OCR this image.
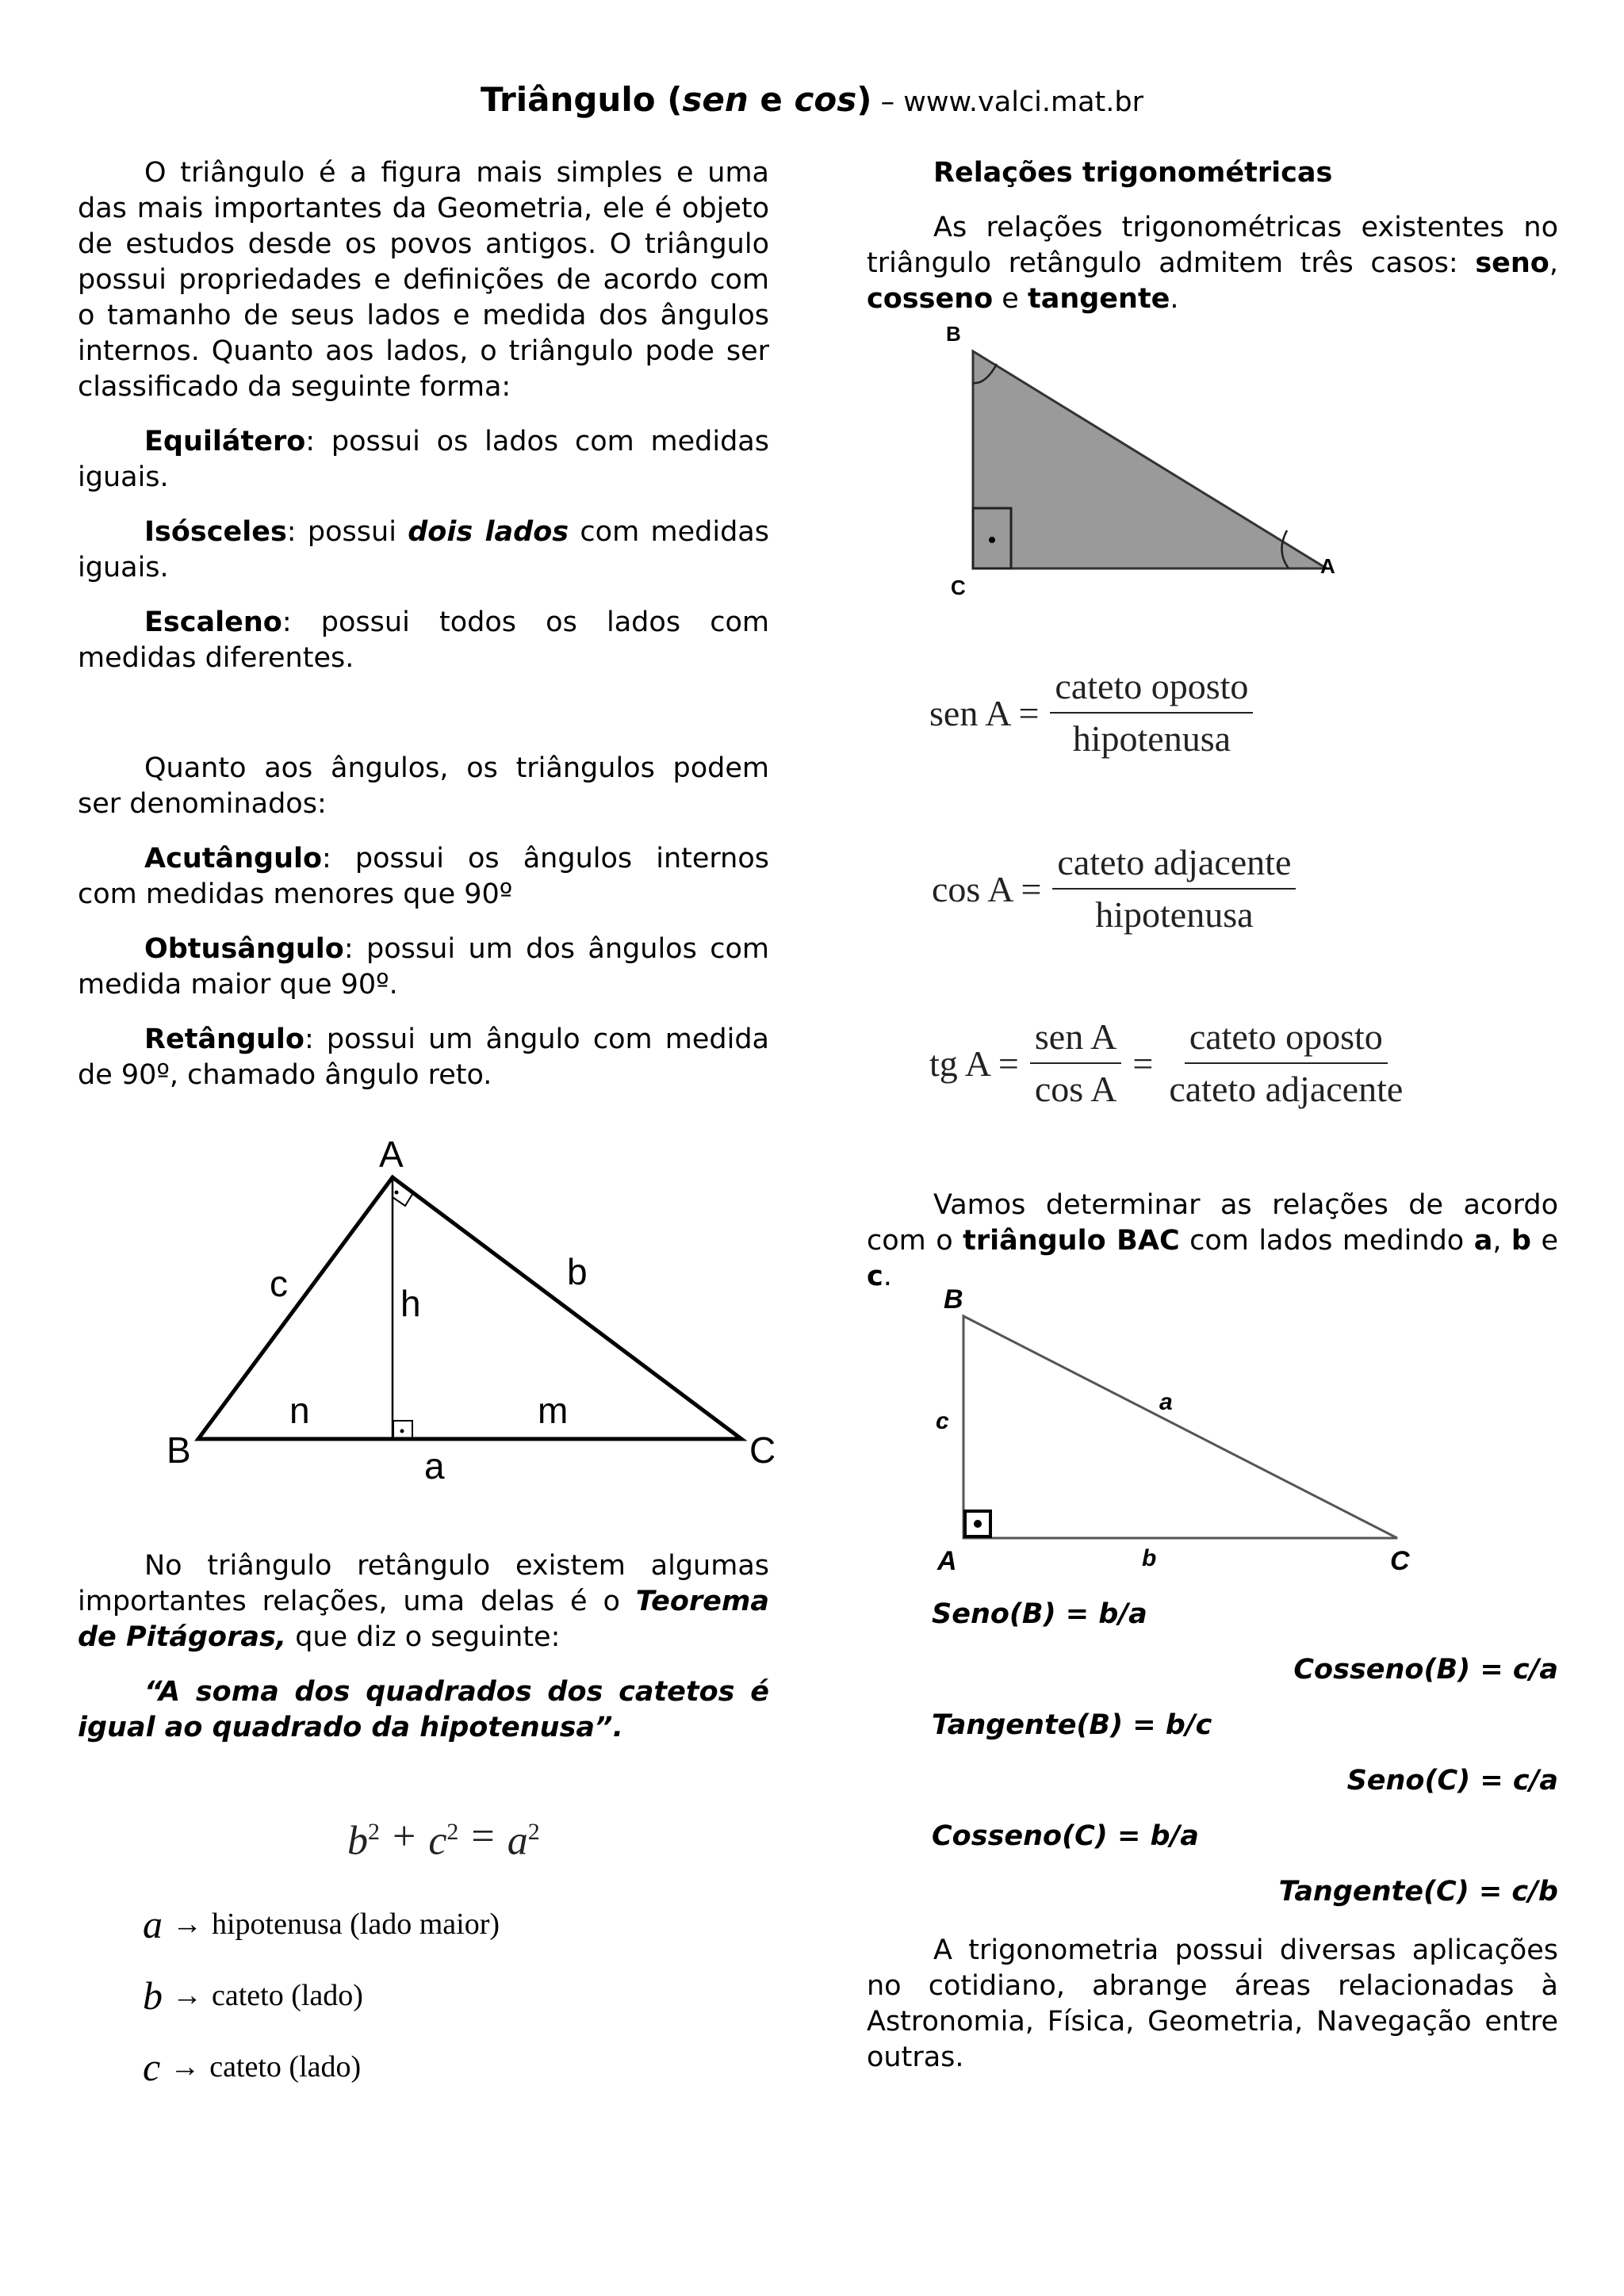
Triângulo (sen e cos) – www.valci.mat.br

O triângulo é a figura mais simples e uma das mais importantes da Geometria, ele é objeto de estudos desde os povos antigos. O triângulo possui propriedades e definições de acordo com o tamanho de seus lados e medida dos ângulos internos. Quanto aos lados, o triângulo pode ser classificado da seguinte forma:

Equilátero: possui os lados com medidas iguais.

Isósceles: possui dois lados com medidas iguais.

Escaleno: possui todos os lados com medidas diferentes.

Quanto aos ângulos, os triângulos podem ser denominados:

Acutângulo: possui os ângulos internos com medidas menores que 90º

Obtusângulo: possui um dos ângulos com medida maior que 90º.

Retângulo: possui um ângulo com medida de 90º, chamado ângulo reto.

A
B	C
c	b
h
n	m
a

No triângulo retângulo existem algumas importantes relações, uma delas é o Teorema de Pitágoras, que diz o seguinte:

“A soma dos quadrados dos catetos é igual ao quadrado da hipotenusa”.

$b^2 + c^2 = a^2$
a → hipotenusa (lado maior)
b → cateto (lado)
c → cateto (lado)

Relações trigonométricas

As relações trigonométricas existentes no triângulo retângulo admitem três casos: seno, cosseno e tangente.

B
C
A
sen $A = \frac{\text{cateto oposto}}{\text{hipotenusa}}$
$\cos A = \frac{\text{cateto adjacente}}{\text{hipotenusa}}$
tg $A = \frac{\text{sen A}}{\text{cos A}} = \frac{\text{cateto oposto}}{\text{cateto adjacente}}$

Vamos determinar as relações de acordo com o triângulo BAC com lados medindo a, b e c.

B
A	C
c
a
b
Seno(B) = b/a
Cosseno(B) = c/a
Tangente(B) = b/c
Seno(C) = c/a
Cosseno(C) = b/a
Tangente(C) = c/b

A trigonometria possui diversas aplicações no cotidiano, abrange áreas relacionadas à Astronomia, Física, Geometria, Navegação entre outras.
